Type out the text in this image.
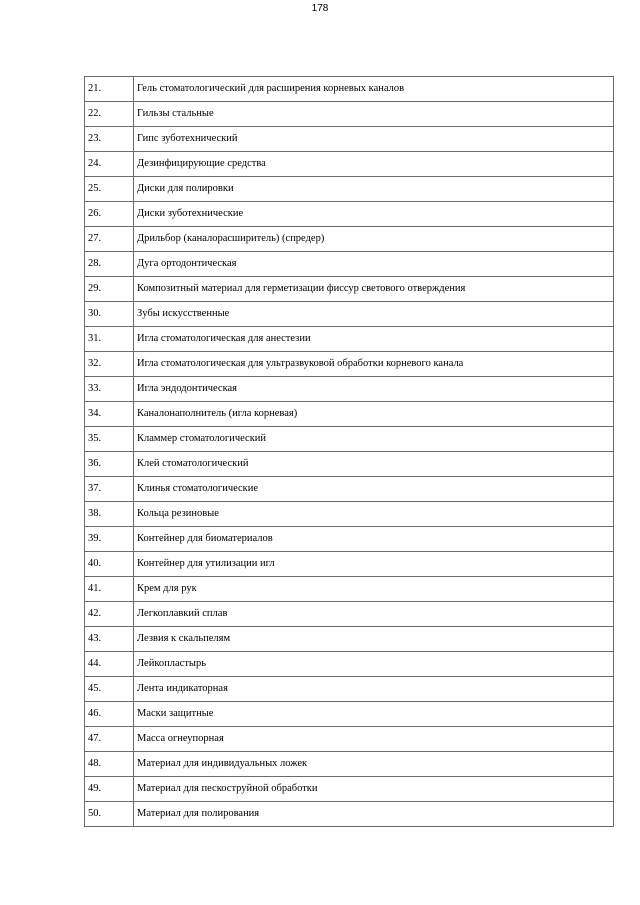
178
21.	Гель стоматологический для расширения корневых каналов
22.	Гильзы стальные
23.	Гипс зуботехнический
24.	Дезинфицирующие средства
25.	Диски для полировки
26.	Диски зуботехнические
27.	Дрильбор (каналорасширитель) (спредер)
28.	Дуга ортодонтическая
29.	Композитный материал для герметизации фиссур светового отверждения
30.	Зубы искусственные
31.	Игла стоматологическая для анестезии
32.	Игла стоматологическая для ультразвуковой обработки корневого канала
33.	Игла эндодонтическая
34.	Каналонаполнитель (игла корневая)
35.	Кламмер стоматологический
36.	Клей стоматологический
37.	Клинья стоматологические
38.	Кольца резиновые
39.	Контейнер для биоматериалов
40.	Контейнер для утилизации игл
41.	Крем для рук
42.	Легкоплавкий сплав
43.	Лезвия к скальпелям
44.	Лейкопластырь
45.	Лента индикаторная
46.	Маски защитные
47.	Масса огнеупорная
48.	Материал для индивидуальных ложек
49.	Материал для пескоструйной обработки
50.	Материал для полирования
